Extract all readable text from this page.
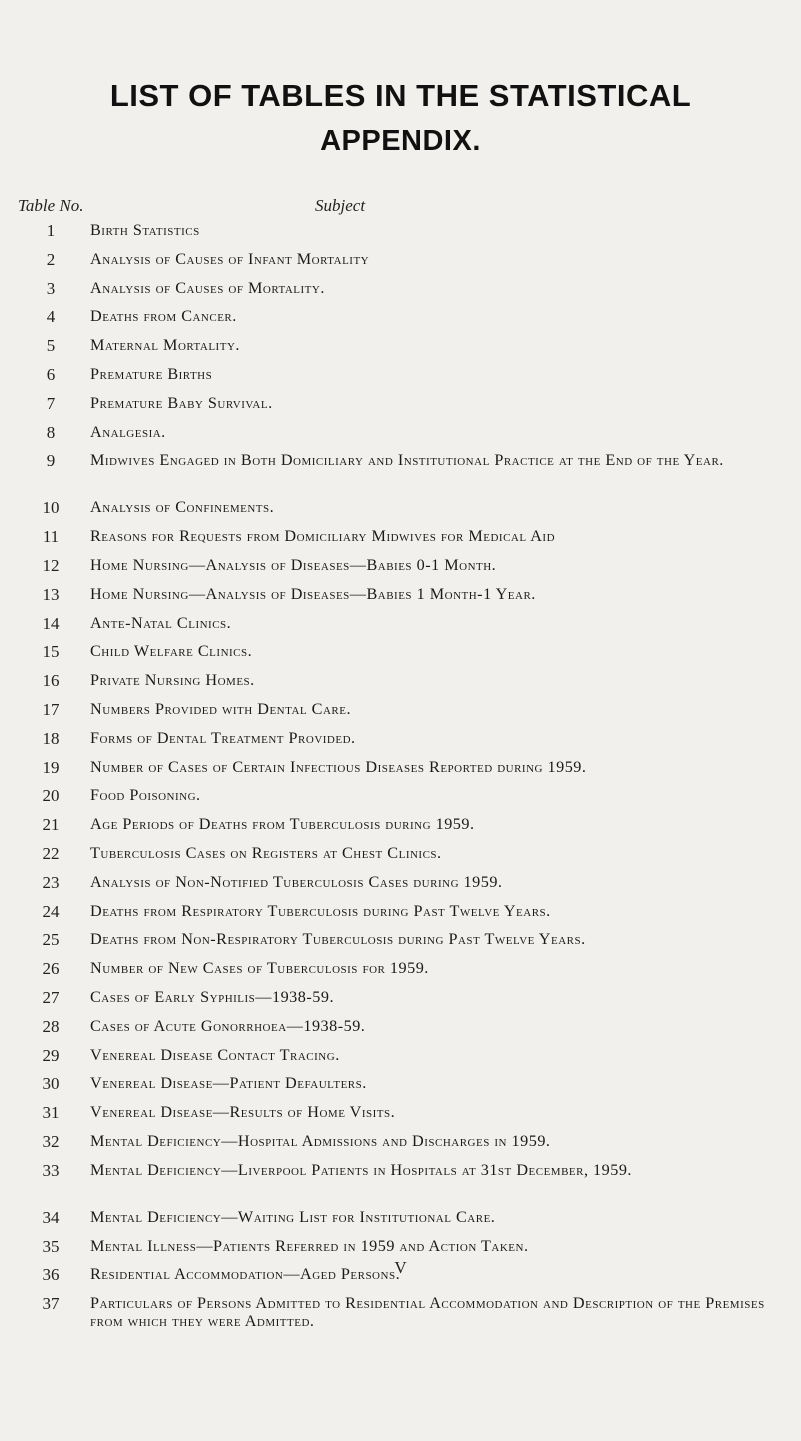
LIST OF TABLES IN THE STATISTICAL
APPENDIX.
Table No.	Subject
1	Birth Statistics
2	Analysis of Causes of Infant Mortality
3	Analysis of Causes of Mortality.
4	Deaths from Cancer.
5	Maternal Mortality.
6	Premature Births
7	Premature Baby Survival.
8	Analgesia.
9	Midwives Engaged in Both Domiciliary and Institutional Practice at the End of the Year.
10	Analysis of Confinements.
11	Reasons for Requests from Domiciliary Midwives for Medical Aid
12	Home Nursing—Analysis of Diseases—Babies 0-1 Month.
13	Home Nursing—Analysis of Diseases—Babies 1 Month-1 Year.
14	Ante-Natal Clinics.
15	Child Welfare Clinics.
16	Private Nursing Homes.
17	Numbers Provided with Dental Care.
18	Forms of Dental Treatment Provided.
19	Number of Cases of Certain Infectious Diseases Reported during 1959.
20	Food Poisoning.
21	Age Periods of Deaths from Tuberculosis during 1959.
22	Tuberculosis Cases on Registers at Chest Clinics.
23	Analysis of Non-Notified Tuberculosis Cases during 1959.
24	Deaths from Respiratory Tuberculosis during Past Twelve Years.
25	Deaths from Non-Respiratory Tuberculosis during Past Twelve Years.
26	Number of New Cases of Tuberculosis for 1959.
27	Cases of Early Syphilis—1938-59.
28	Cases of Acute Gonorrhoea—1938-59.
29	Venereal Disease Contact Tracing.
30	Venereal Disease—Patient Defaulters.
31	Venereal Disease—Results of Home Visits.
32	Mental Deficiency—Hospital Admissions and Discharges in 1959.
33	Mental Deficiency—Liverpool Patients in Hospitals at 31st December, 1959.
34	Mental Deficiency—Waiting List for Institutional Care.
35	Mental Illness—Patients Referred in 1959 and Action Taken.
36	Residential Accommodation—Aged Persons.
37	Particulars of Persons Admitted to Residential Accommodation and Description of the Premises from which they were Admitted.
V
